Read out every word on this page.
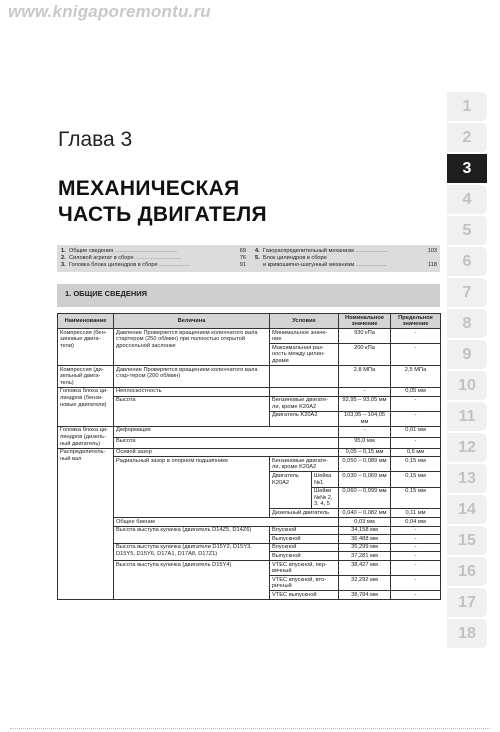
www.knigaporemontu.ru
Глава 3
МЕХАНИЧЕСКАЯ
ЧАСТЬ ДВИГАТЕЛЯ
1. Общие сведения ........................................	69
2. Силовой агрегат в сборе ..............................	76
3. Головка блока цилиндров в сборе ....................	91
4. Газораспределительный механизм .....................	103
5. Блок цилиндров в сборе
и кривошипно-шатунный механизм ....................	118
1. ОБЩИЕ СВЕДЕНИЯ
Наименование	Величина	Условие		Номинальное значение	Предельное значение
Компрессия (бен-зиновые двига-тели)	Давление Проверяется вращением коленчатого вала стартером (250 об/мин) при полностью открытой дроссельной заслонке	Минимальное значе-ние		930 кПа	-
		Максимальная раз-ность между цилин-драми		200 кПа	-
Компрессия (ди-зельный двига-тель)	Давление Проверяется вращением коленчатого вала стар-тером (200 об/мин)			2,8 МПа	2,5 МПа
Головка блока ци-линдров (бензи-новые двигатели)	Неплоскостность			-	0,05 мм
	Высота	Бензиновые двигате-ли, кроме K20A2		92,95 – 93,05 мм	-
		Двигатель K20A2		103,95 – 104,05 мм	-
Головка блока ци-линдров (дизель-ный двигатель)	Деформация			-	0,01 мм
	Высота			95,0 мм	-
Распределитель-ный вал	Осевой зазор			0,05 – 0,15 мм	0,5 мм
	Радиальный зазор в опорном подшипнике	Бензиновые двигате-ли, кроме K20A2		0,050 – 0,089 мм	0,15 мм
		Двигатель K20A2	Шейка №1	0,030 – 0,069 мм	0,15 мм
			Шейки №№ 2, 3, 4, 5	0,060 – 0,099 мм	0,15 мм
		Дизельный двигатель		0,040 – 0,082 мм	0,11 мм
	Общее биение			0,03 мм	0,04 мм
	Высота выступа кулачка (двигатель D14Z5, D14Z6)	Впускной		34,158 мм	-
		Выпускной		36,488 мм	-
	Высота выступа кулачка (двигатели D15Y2, D15Y3, D15Y5, D15Y6, D17A1, D17A8, D17Z1)	Впускной		35,299 мм	-
		Выпускной		37,281 мм	-
	Высота выступа кулачка (двигатель D15Y4)	VTEC впускной, пер-вичный		38,427 мм	-
		VTEC впускной, вто-ричный		32,292 мм	-
		VTEC выпускной		38,784 мм	-
1
2
3
4
5
6
7
8
9
10
11
12
13
14
15
16
17
18
